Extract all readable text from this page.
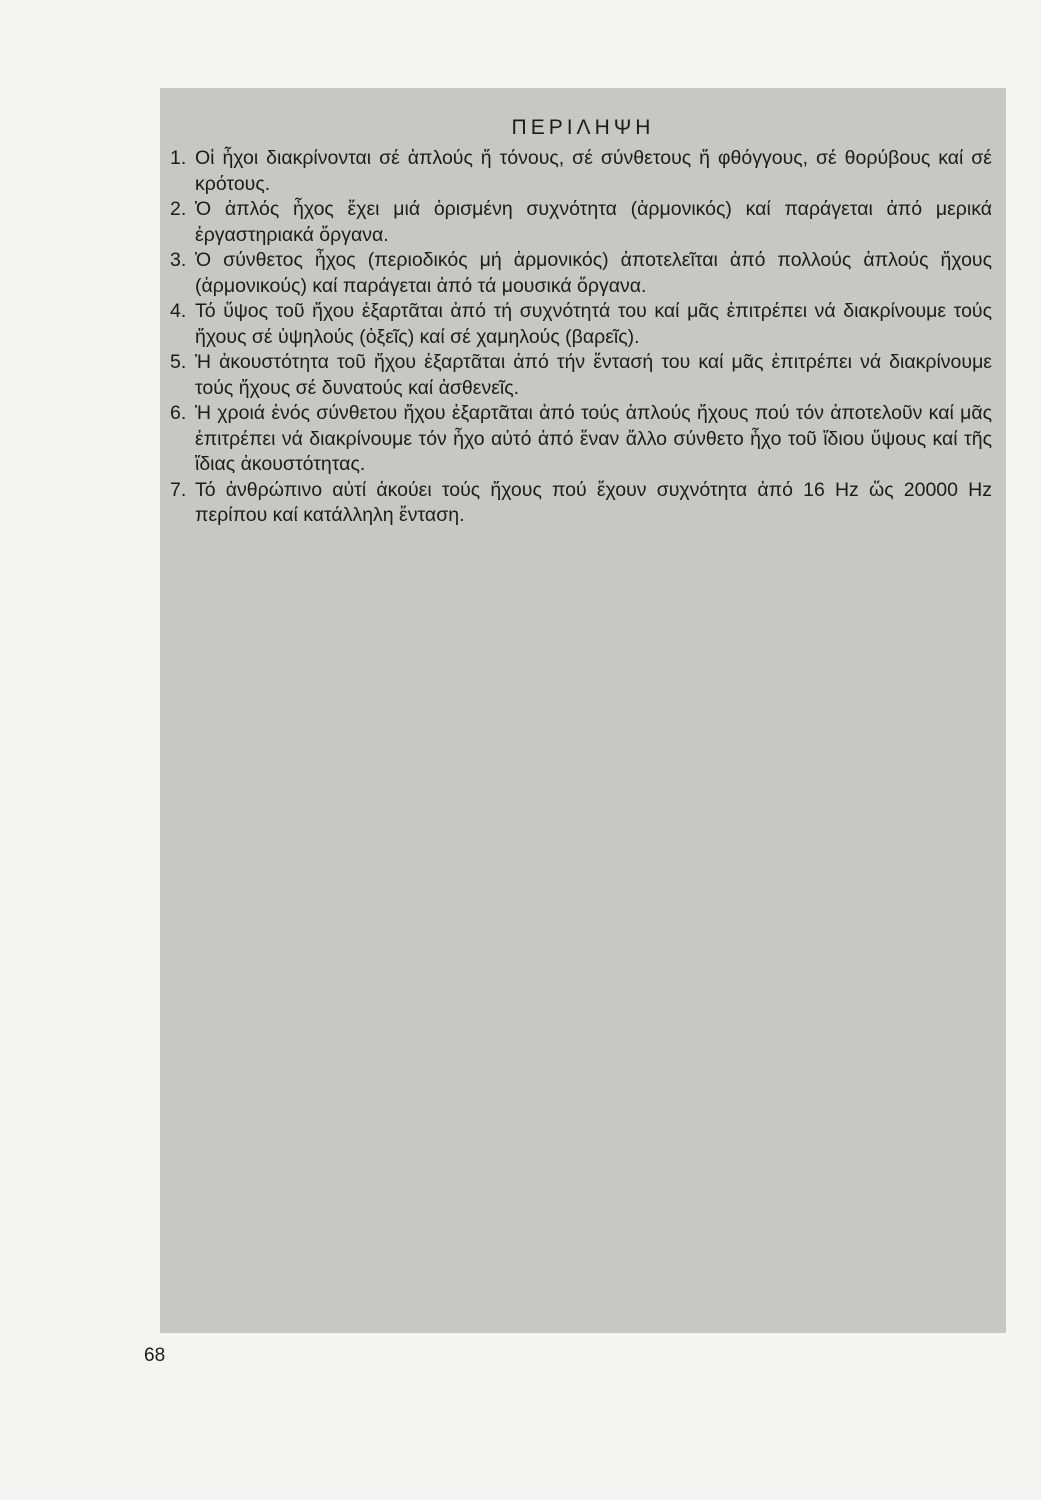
ΠΕΡΙΛΗΨΗ
1. Οἱ ἦχοι διακρίνονται σέ ἁπλούς ἤ τόνους, σέ σύνθετους ἤ φθόγγους, σέ θορύβους καί σέ κρότους.
2. Ὁ ἁπλός ἦχος ἔχει μιά ὁρισμένη συχνότητα (ἁρμονικός) καί παράγεται ἀπό μερικά ἐργαστηριακά ὄργανα.
3. Ὁ σύνθετος ἦχος (περιοδικός μή ἁρμονικός) ἀποτελεῖται ἀπό πολλούς ἁπλούς ἤχους (ἁρμονικούς) καί παράγεται ἀπό τά μουσικά ὄργανα.
4. Τό ὕψος τοῦ ἤχου ἐξαρτᾶται ἀπό τή συχνότητά του καί μᾶς ἐπιτρέπει νά διακρίνουμε τούς ἤχους σέ ὑψηλούς (ὀξεῖς) καί σέ χαμηλούς (βαρεῖς).
5. Ἡ ἀκουστότητα τοῦ ἤχου ἐξαρτᾶται ἀπό τήν ἔντασή του καί μᾶς ἐπιτρέπει νά διακρίνουμε τούς ἤχους σέ δυνατούς καί ἀσθενεῖς.
6. Ἡ χροιά ἑνός σύνθετου ἤχου ἐξαρτᾶται ἀπό τούς ἁπλούς ἤχους πού τόν ἀποτελοῦν καί μᾶς ἐπιτρέπει νά διακρίνουμε τόν ἦχο αὐτό ἀπό ἕναν ἄλλο σύνθετο ἦχο τοῦ ἴδιου ὕψους καί τῆς ἴδιας ἀκουστότητας.
7. Τό ἀνθρώπινο αὐτί ἀκούει τούς ἤχους πού ἔχουν συχνότητα ἀπό 16 Hz ὥς 20000 Hz περίπου καί κατάλληλη ἔνταση.
68
